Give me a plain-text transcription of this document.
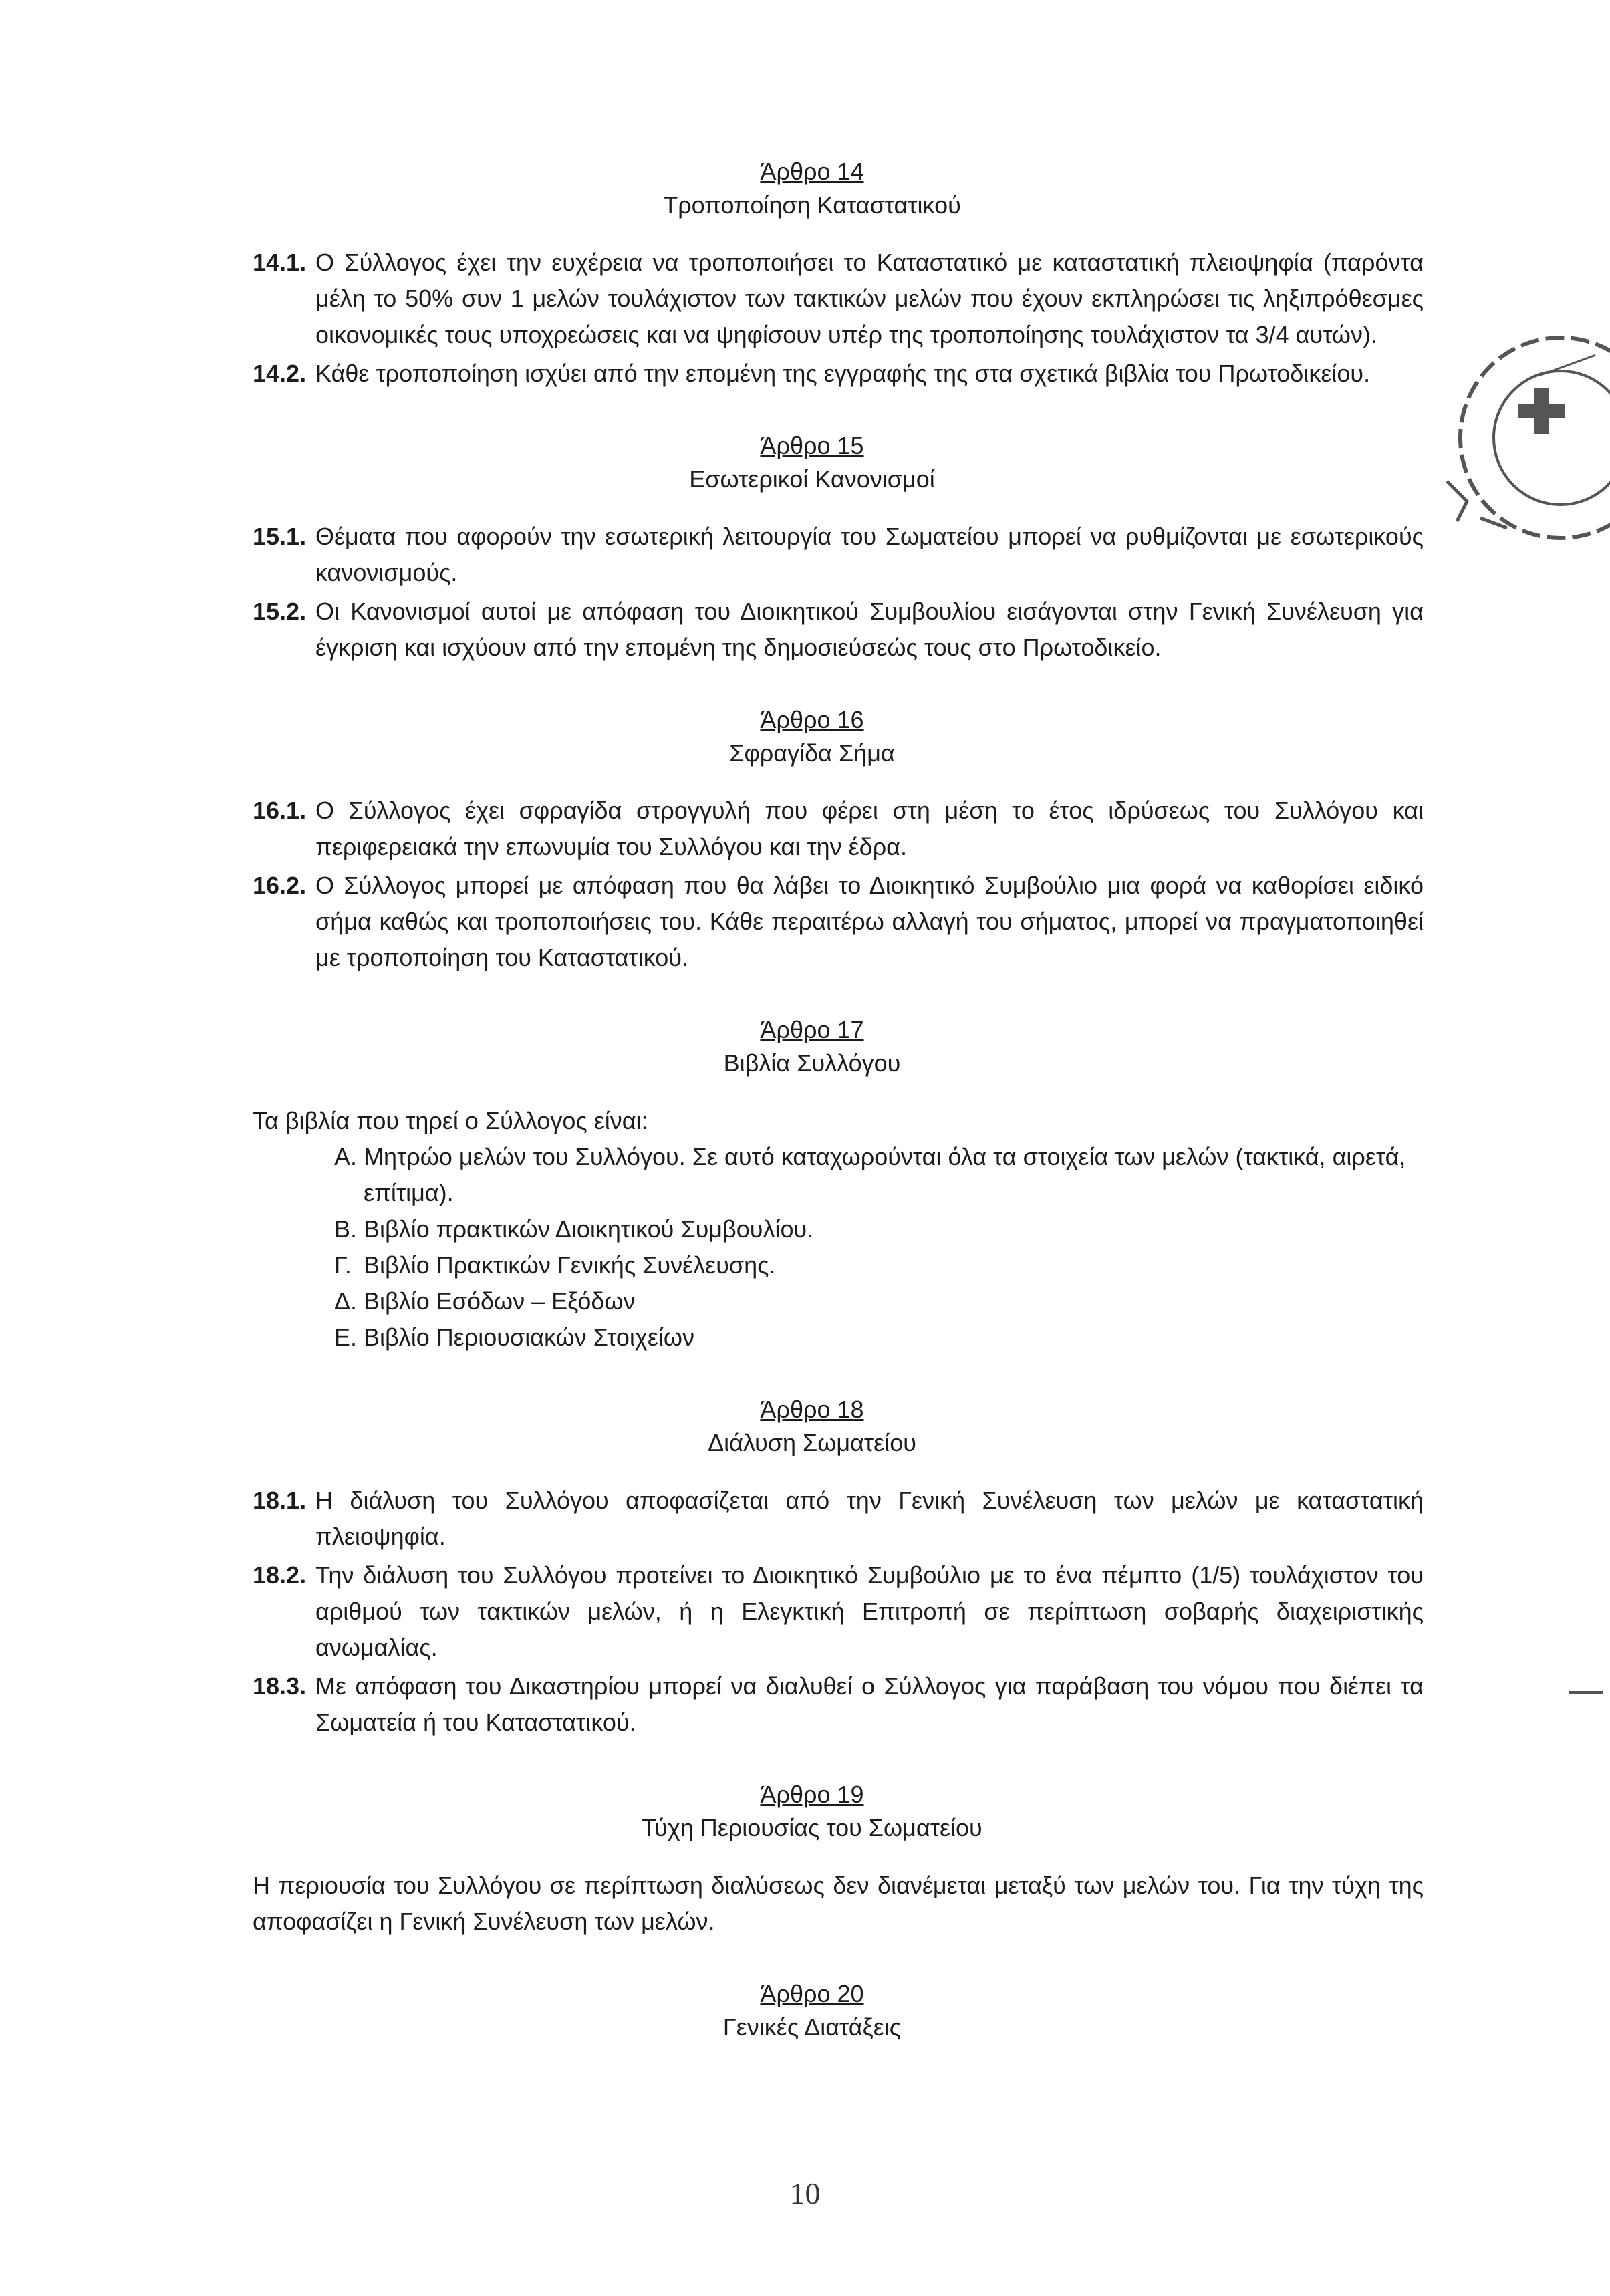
Άρθρο 14
Τροποποίηση Καταστατικού
14.1. Ο Σύλλογος έχει την ευχέρεια να τροποποιήσει το Καταστατικό με καταστατική πλειοψηφία (παρόντα μέλη το 50% συν 1 μελών τουλάχιστον των τακτικών μελών που έχουν εκπληρώσει τις ληξιπρόθεσμες οικονομικές τους υποχρεώσεις και να ψηφίσουν υπέρ της τροποποίησης τουλάχιστον τα 3/4 αυτών).
14.2. Κάθε τροποποίηση ισχύει από την επομένη της εγγραφής της στα σχετικά βιβλία του Πρωτοδικείου.
Άρθρο 15
Εσωτερικοί Κανονισμοί
15.1. Θέματα που αφορούν την εσωτερική λειτουργία του Σωματείου μπορεί να ρυθμίζονται με εσωτερικούς κανονισμούς.
15.2. Οι Κανονισμοί αυτοί με απόφαση του Διοικητικού Συμβουλίου εισάγονται στην Γενική Συνέλευση για έγκριση και ισχύουν από την επομένη της δημοσιεύσεώς τους στο Πρωτοδικείο.
Άρθρο 16
Σφραγίδα Σήμα
16.1. Ο Σύλλογος έχει σφραγίδα στρογγυλή που φέρει στη μέση το έτος ιδρύσεως του Συλλόγου και περιφερειακά την επωνυμία του Συλλόγου και την έδρα.
16.2. Ο Σύλλογος μπορεί με απόφαση που θα λάβει το Διοικητικό Συμβούλιο μια φορά να καθορίσει ειδικό σήμα καθώς και τροποποιήσεις του. Κάθε περαιτέρω αλλαγή του σήματος, μπορεί να πραγματοποιηθεί με τροποποίηση του Καταστατικού.
Άρθρο 17
Βιβλία Συλλόγου
Τα βιβλία που τηρεί ο Σύλλογος είναι:
Α. Μητρώο μελών του Συλλόγου. Σε αυτό καταχωρούνται όλα τα στοιχεία των μελών (τακτικά, αιρετά, επίτιμα).
Β. Βιβλίο πρακτικών Διοικητικού Συμβουλίου.
Γ. Βιβλίο Πρακτικών Γενικής Συνέλευσης.
Δ. Βιβλίο Εσόδων – Εξόδων
Ε. Βιβλίο Περιουσιακών Στοιχείων
Άρθρο 18
Διάλυση Σωματείου
18.1. Η διάλυση του Συλλόγου αποφασίζεται από την Γενική Συνέλευση των μελών με καταστατική πλειοψηφία.
18.2. Την διάλυση του Συλλόγου προτείνει το Διοικητικό Συμβούλιο με το ένα πέμπτο (1/5) τουλάχιστον του αριθμού των τακτικών μελών, ή η Ελεγκτική Επιτροπή σε περίπτωση σοβαρής διαχειριστικής ανωμαλίας.
18.3. Με απόφαση του Δικαστηρίου μπορεί να διαλυθεί ο Σύλλογος για παράβαση του νόμου που διέπει τα Σωματεία ή του Καταστατικού.
Άρθρο 19
Τύχη Περιουσίας του Σωματείου
Η περιουσία του Συλλόγου σε περίπτωση διαλύσεως δεν διανέμεται μεταξύ των μελών του. Για την τύχη της αποφασίζει η Γενική Συνέλευση των μελών.
Άρθρο 20
Γενικές Διατάξεις
10
